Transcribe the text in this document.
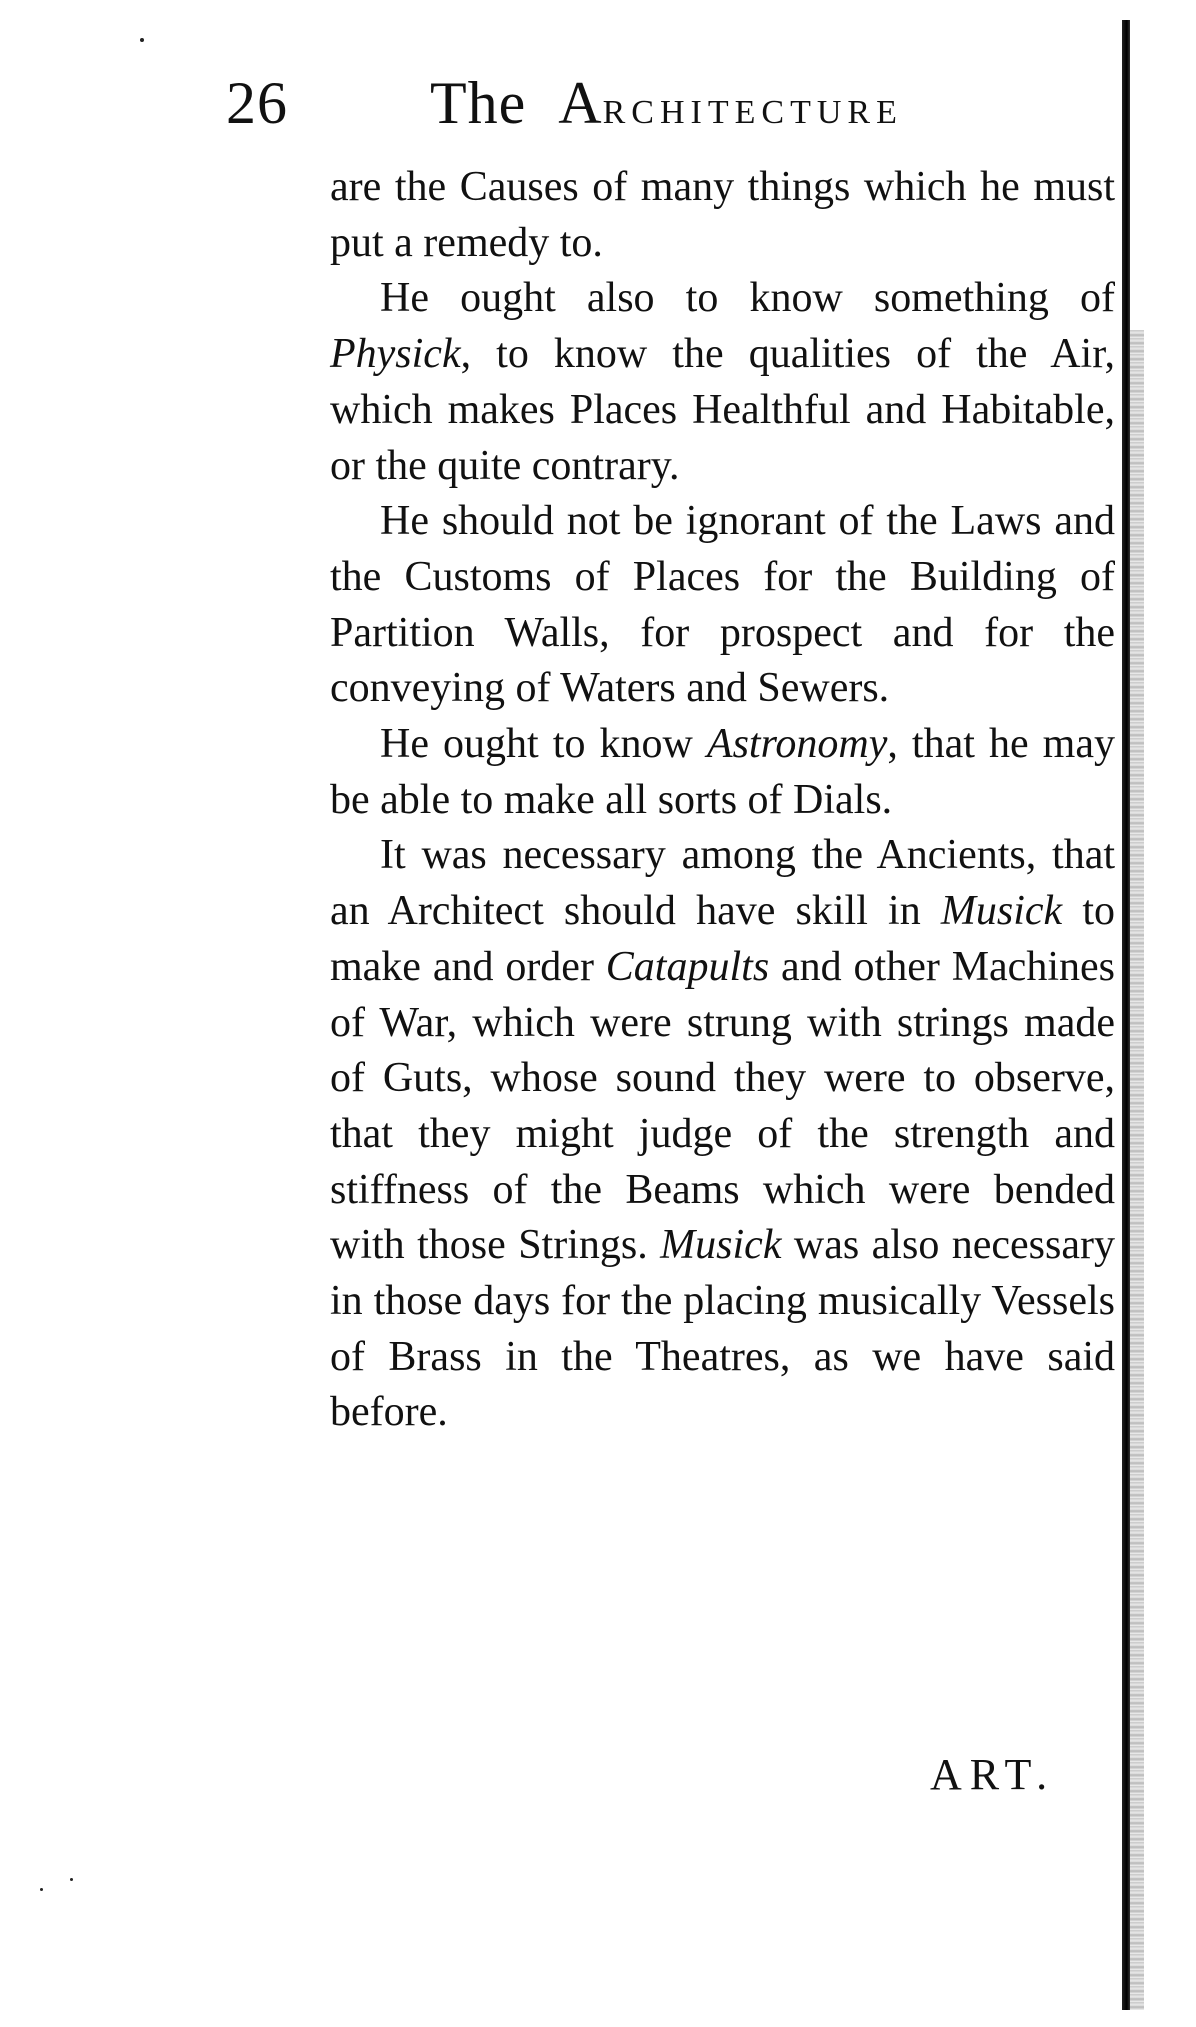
26 The ARCHITECTURE

are the Causes of many things which he must put a remedy to.

He ought also to know something of Physick, to know the qualities of the Air, which makes Places Healthful and Habitable, or the quite contrary.

He should not be ignorant of the Laws and the Customs of Places for the Building of Partition Walls, for prospect and for the conveying of Waters and Sewers.

He ought to know Astronomy, that he may be able to make all sorts of Dials.

It was necessary among the Ancients, that an Architect should have skill in Musick to make and order Catapults and other Machines of War, which were strung with strings made of Guts, whose sound they were to observe, that they might judge of the strength and stiffness of the Beams which were bended with those Strings. Musick was also necessary in those days for the placing musically Vessels of Brass in the Theatres, as we have said before.

ART.
